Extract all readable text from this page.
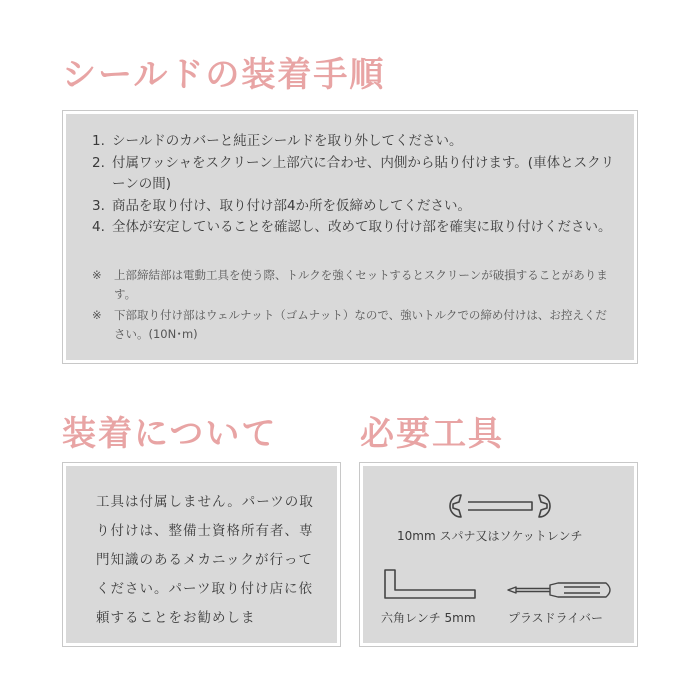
シールドの装着手順
1. シールドのカバーと純正シールドを取り外してください。
2. 付属ワッシャをスクリーン上部穴に合わせ、内側から貼り付けます。(車体とスクリーンの間)
3. 商品を取り付け、取り付け部4か所を仮締めしてください。
4. 全体が安定していることを確認し、改めて取り付け部を確実に取り付けください。
※ 上部締結部は電動工具を使う際、トルクを強くセットするとスクリーンが破損することがあります。
※ 下部取り付け部はウェルナット（ゴムナット）なので、強いトルクでの締め付けは、お控えください。(10N･m)
装着について 必要工具
工具は付属しません。パーツの取り付けは、整備士資格所有者、専門知識のあるメカニックが行ってください。パーツ取り付け店に依頼することをお勧めしま
10mm スパナ又はソケットレンチ
六角レンチ 5mm	プラスドライバー
